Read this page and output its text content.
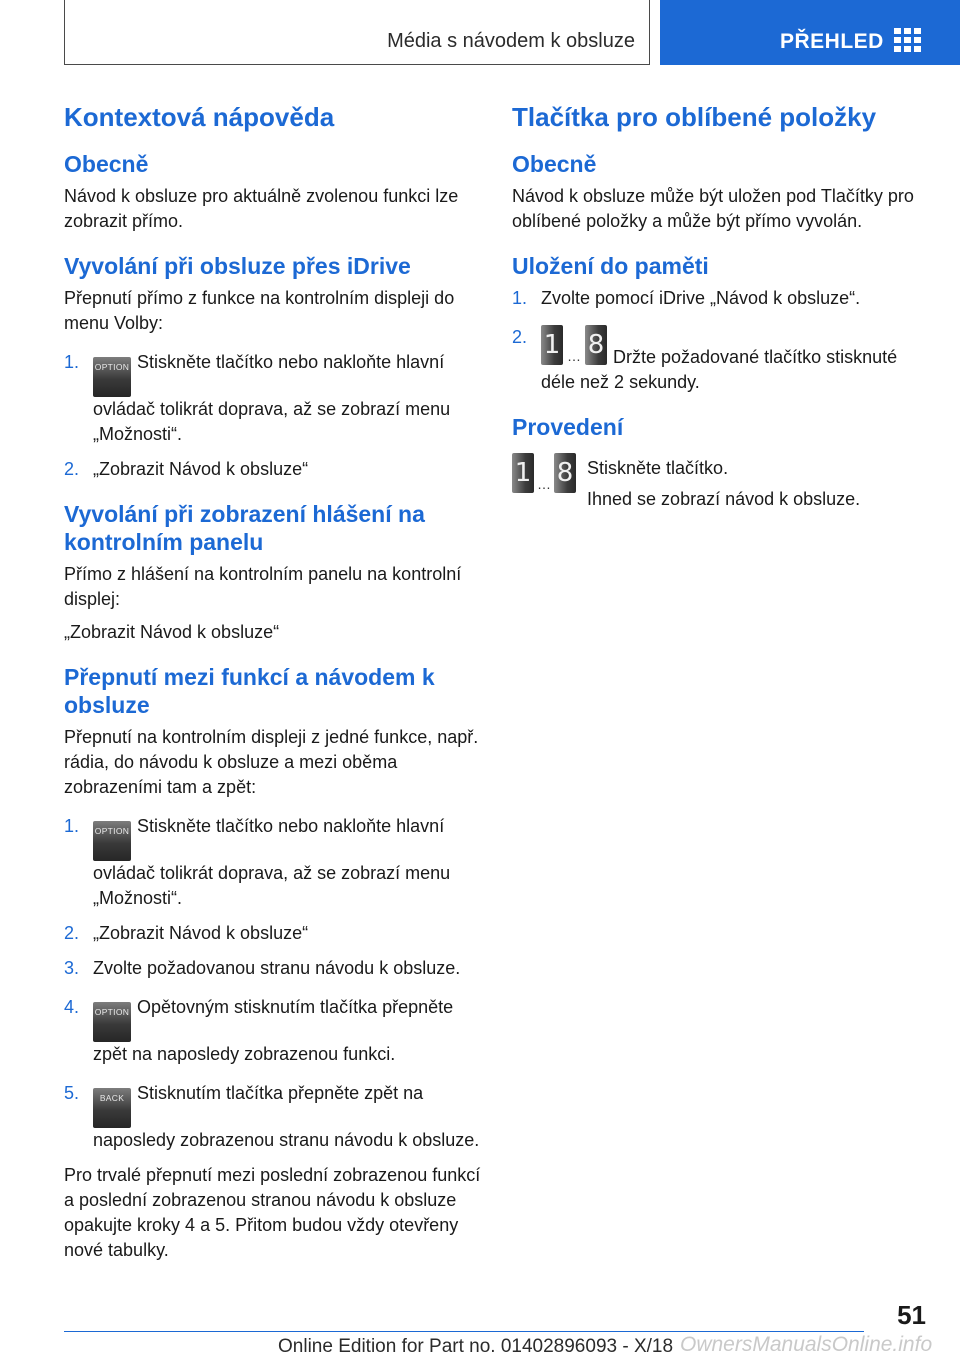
Média s návodem k obsluze	PŘEHLED
Kontextová nápověda
Obecně

Návod k obsluze pro aktuálně zvolenou funkci lze zobrazit přímo.

Vyvolání při obsluze přes iDrive

Přepnutí přímo z funkce na kontrolním displeji do menu Volby:

1. OPTION Stiskněte tlačítko nebo nakloňte hlavní ovládač tolikrát doprava, až se zobrazí menu „Možnosti“.
2. „Zobrazit Návod k obsluze“
Vyvolání při zobrazení hlášení na kontrolním panelu

Přímo z hlášení na kontrolním panelu na kontrolní displej:

„Zobrazit Návod k obsluze“

Přepnutí mezi funkcí a návodem k obsluze

Přepnutí na kontrolním displeji z jedné funkce, např. rádia, do návodu k obsluze a mezi oběma zobrazeními tam a zpět:

1. OPTION Stiskněte tlačítko nebo nakloňte hlavní ovládač tolikrát doprava, až se zobrazí menu „Možnosti“.
2. „Zobrazit Návod k obsluze“
3. Zvolte požadovanou stranu návodu k obsluze.
4. OPTION Opětovným stisknutím tlačítka přepněte zpět na naposledy zobrazenou funkci.
5. BACK Stisknutím tlačítka přepněte zpět na naposledy zobrazenou stranu návodu k obsluze.

Pro trvalé přepnutí mezi poslední zobrazenou funkcí a poslední zobrazenou stranou návodu k obsluze opakujte kroky 4 a 5. Přitom budou vždy otevřeny nové tabulky.

Tlačítka pro oblíbené položky
Obecně

Návod k obsluze může být uložen pod Tlačítky pro oblíbené položky a může být přímo vyvolán.

Uložení do paměti
1. Zvolte pomocí iDrive „Návod k obsluze“.
2. 1 … 8 Držte požadované tlačítko stisknuté déle než 2 sekundy.
Provedení
1 … 8 Stiskněte tlačítko.
Ihned se zobrazí návod k obsluze.
51
Online Edition for Part no. 01402896093 - X/18 OwnersManualsOnline.info
